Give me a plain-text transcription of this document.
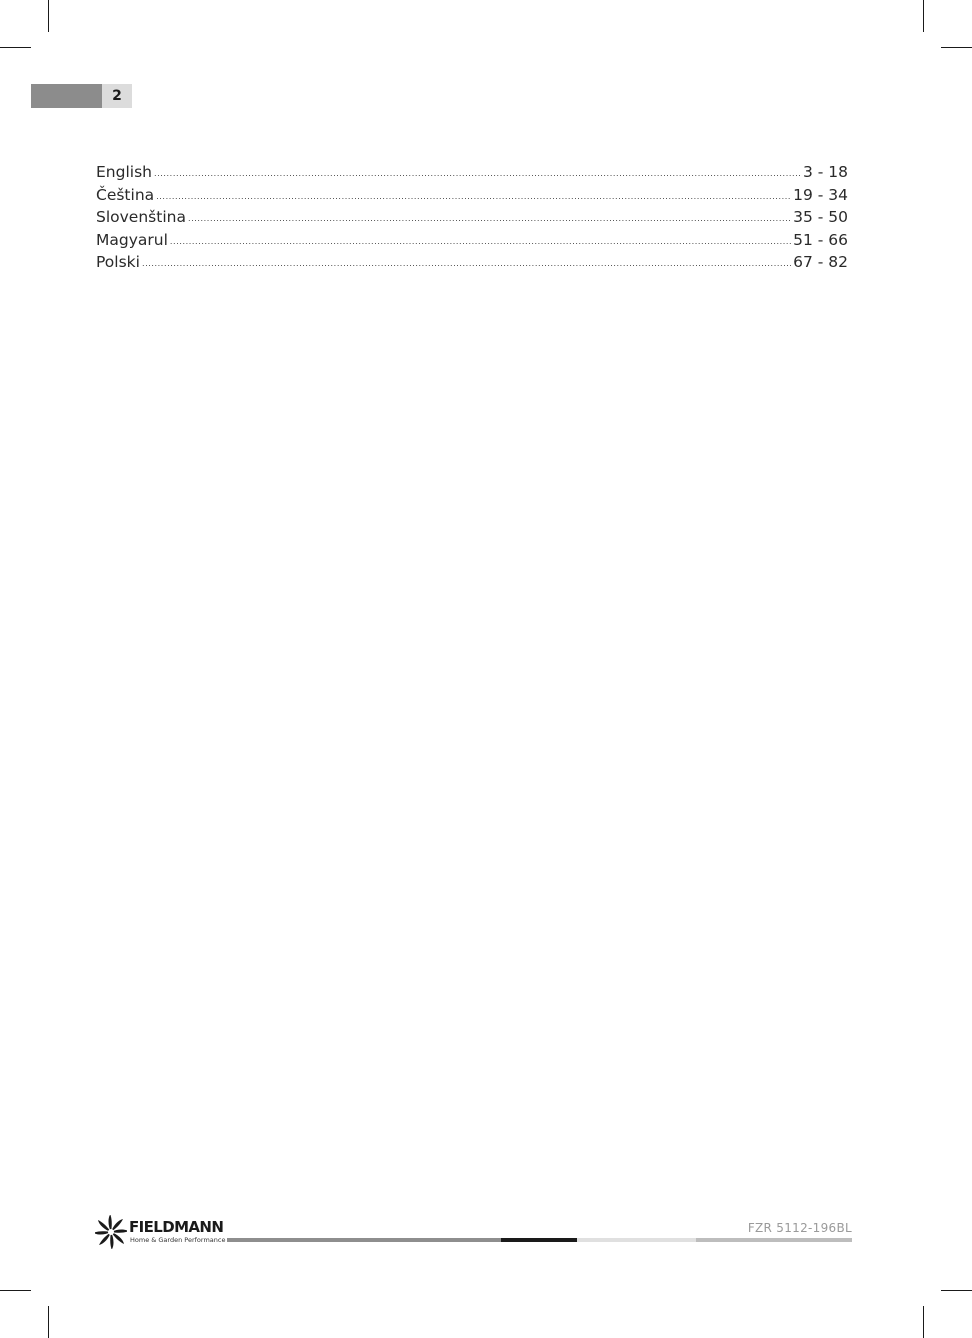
2
English .....	3 - 18
Čeština .....	19 - 34
Slovenština .....	35 - 50
Magyarul .....	51 - 66
Polski .....	67 - 82
FIELDMANN
Home & Garden Performance
FZR 5112-196BL
